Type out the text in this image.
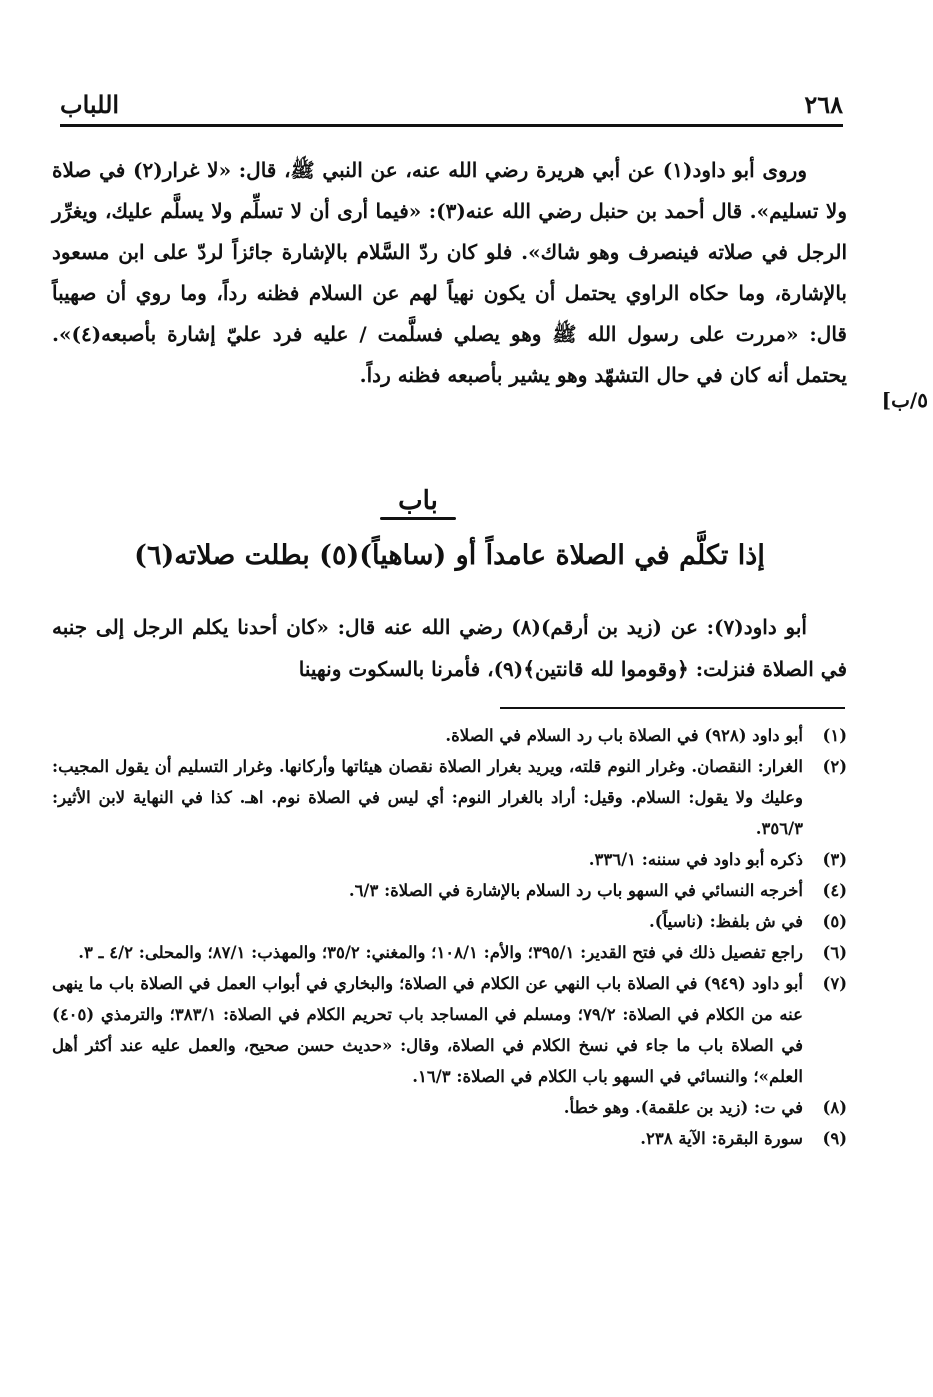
٢٦٨
اللباب

وروى أبو داود(١) عن أبي هريرة رضي الله عنه، عن النبي ﷺ، قال: «لا غرار(٢) في صلاة ولا تسليم». قال أحمد بن حنبل رضي الله عنه(٣): «فيما أرى أن لا تسلِّم ولا يسلَّم عليك، ويغرِّر الرجل في صلاته فينصرف وهو شاك». فلو كان ردّ السَّلام بالإشارة جائزاً لردّ على ابن مسعود بالإشارة، وما حكاه الراوي يحتمل أن يكون نهياً لهم عن السلام فظنه رداً، وما روي أن صهيباً قال: «مررت على رسول الله ﷺ وهو يصلي فسلَّمت / عليه فرد عليّ إشارة بأصبعه(٤)». يحتمل أنه كان في حال التشهّد وهو يشير بأصبعه فظنه رداً.

٥/ب]
باب
إذا تكلَّم في الصلاة عامداً أو (ساهياً)(٥) بطلت صلاته(٦)
أبو داود(٧): عن (زيد بن أرقم)(٨) رضي الله عنه قال: «كان أحدنا يكلم الرجل إلى جنبه في الصلاة فنزلت: ﴿وقوموا لله قانتين﴾(٩)، فأمرنا بالسكوت ونهينا
(١)
أبو داود (٩٢٨) في الصلاة باب رد السلام في الصلاة.
(٢)
الغرار: النقصان. وغرار النوم قلته، ويريد بغرار الصلاة نقصان هيئاتها وأركانها. وغرار التسليم أن يقول المجيب: وعليك ولا يقول: السلام. وقيل: أراد بالغرار النوم: أي ليس في الصلاة نوم. اهـ. كذا في النهاية لابن الأثير: ٣٥٦/٣.
(٣)
ذكره أبو داود في سننه: ٣٣٦/١.
(٤)
أخرجه النسائي في السهو باب رد السلام بالإشارة في الصلاة: ٦/٣.
(٥)
في ش بلفظ: (ناسياً).
(٦)
راجع تفصيل ذلك في فتح القدير: ٣٩٥/١؛ والأم: ١٠٨/١؛ والمغني: ٣٥/٢؛ والمهذب: ٨٧/١؛ والمحلى: ٤/٢ ـ ٣.
(٧)
أبو داود (٩٤٩) في الصلاة باب النهي عن الكلام في الصلاة؛ والبخاري في أبواب العمل في الصلاة باب ما ينهى عنه من الكلام في الصلاة: ٧٩/٢؛ ومسلم في المساجد باب تحريم الكلام في الصلاة: ٣٨٣/١؛ والترمذي (٤٠٥) في الصلاة باب ما جاء في نسخ الكلام في الصلاة، وقال: «حديث حسن صحيح، والعمل عليه عند أكثر أهل العلم»؛ والنسائي في السهو باب الكلام في الصلاة: ١٦/٣.
(٨)
في ت: (زيد بن علقمة). وهو خطأ.
(٩)
سورة البقرة: الآية ٢٣٨.
